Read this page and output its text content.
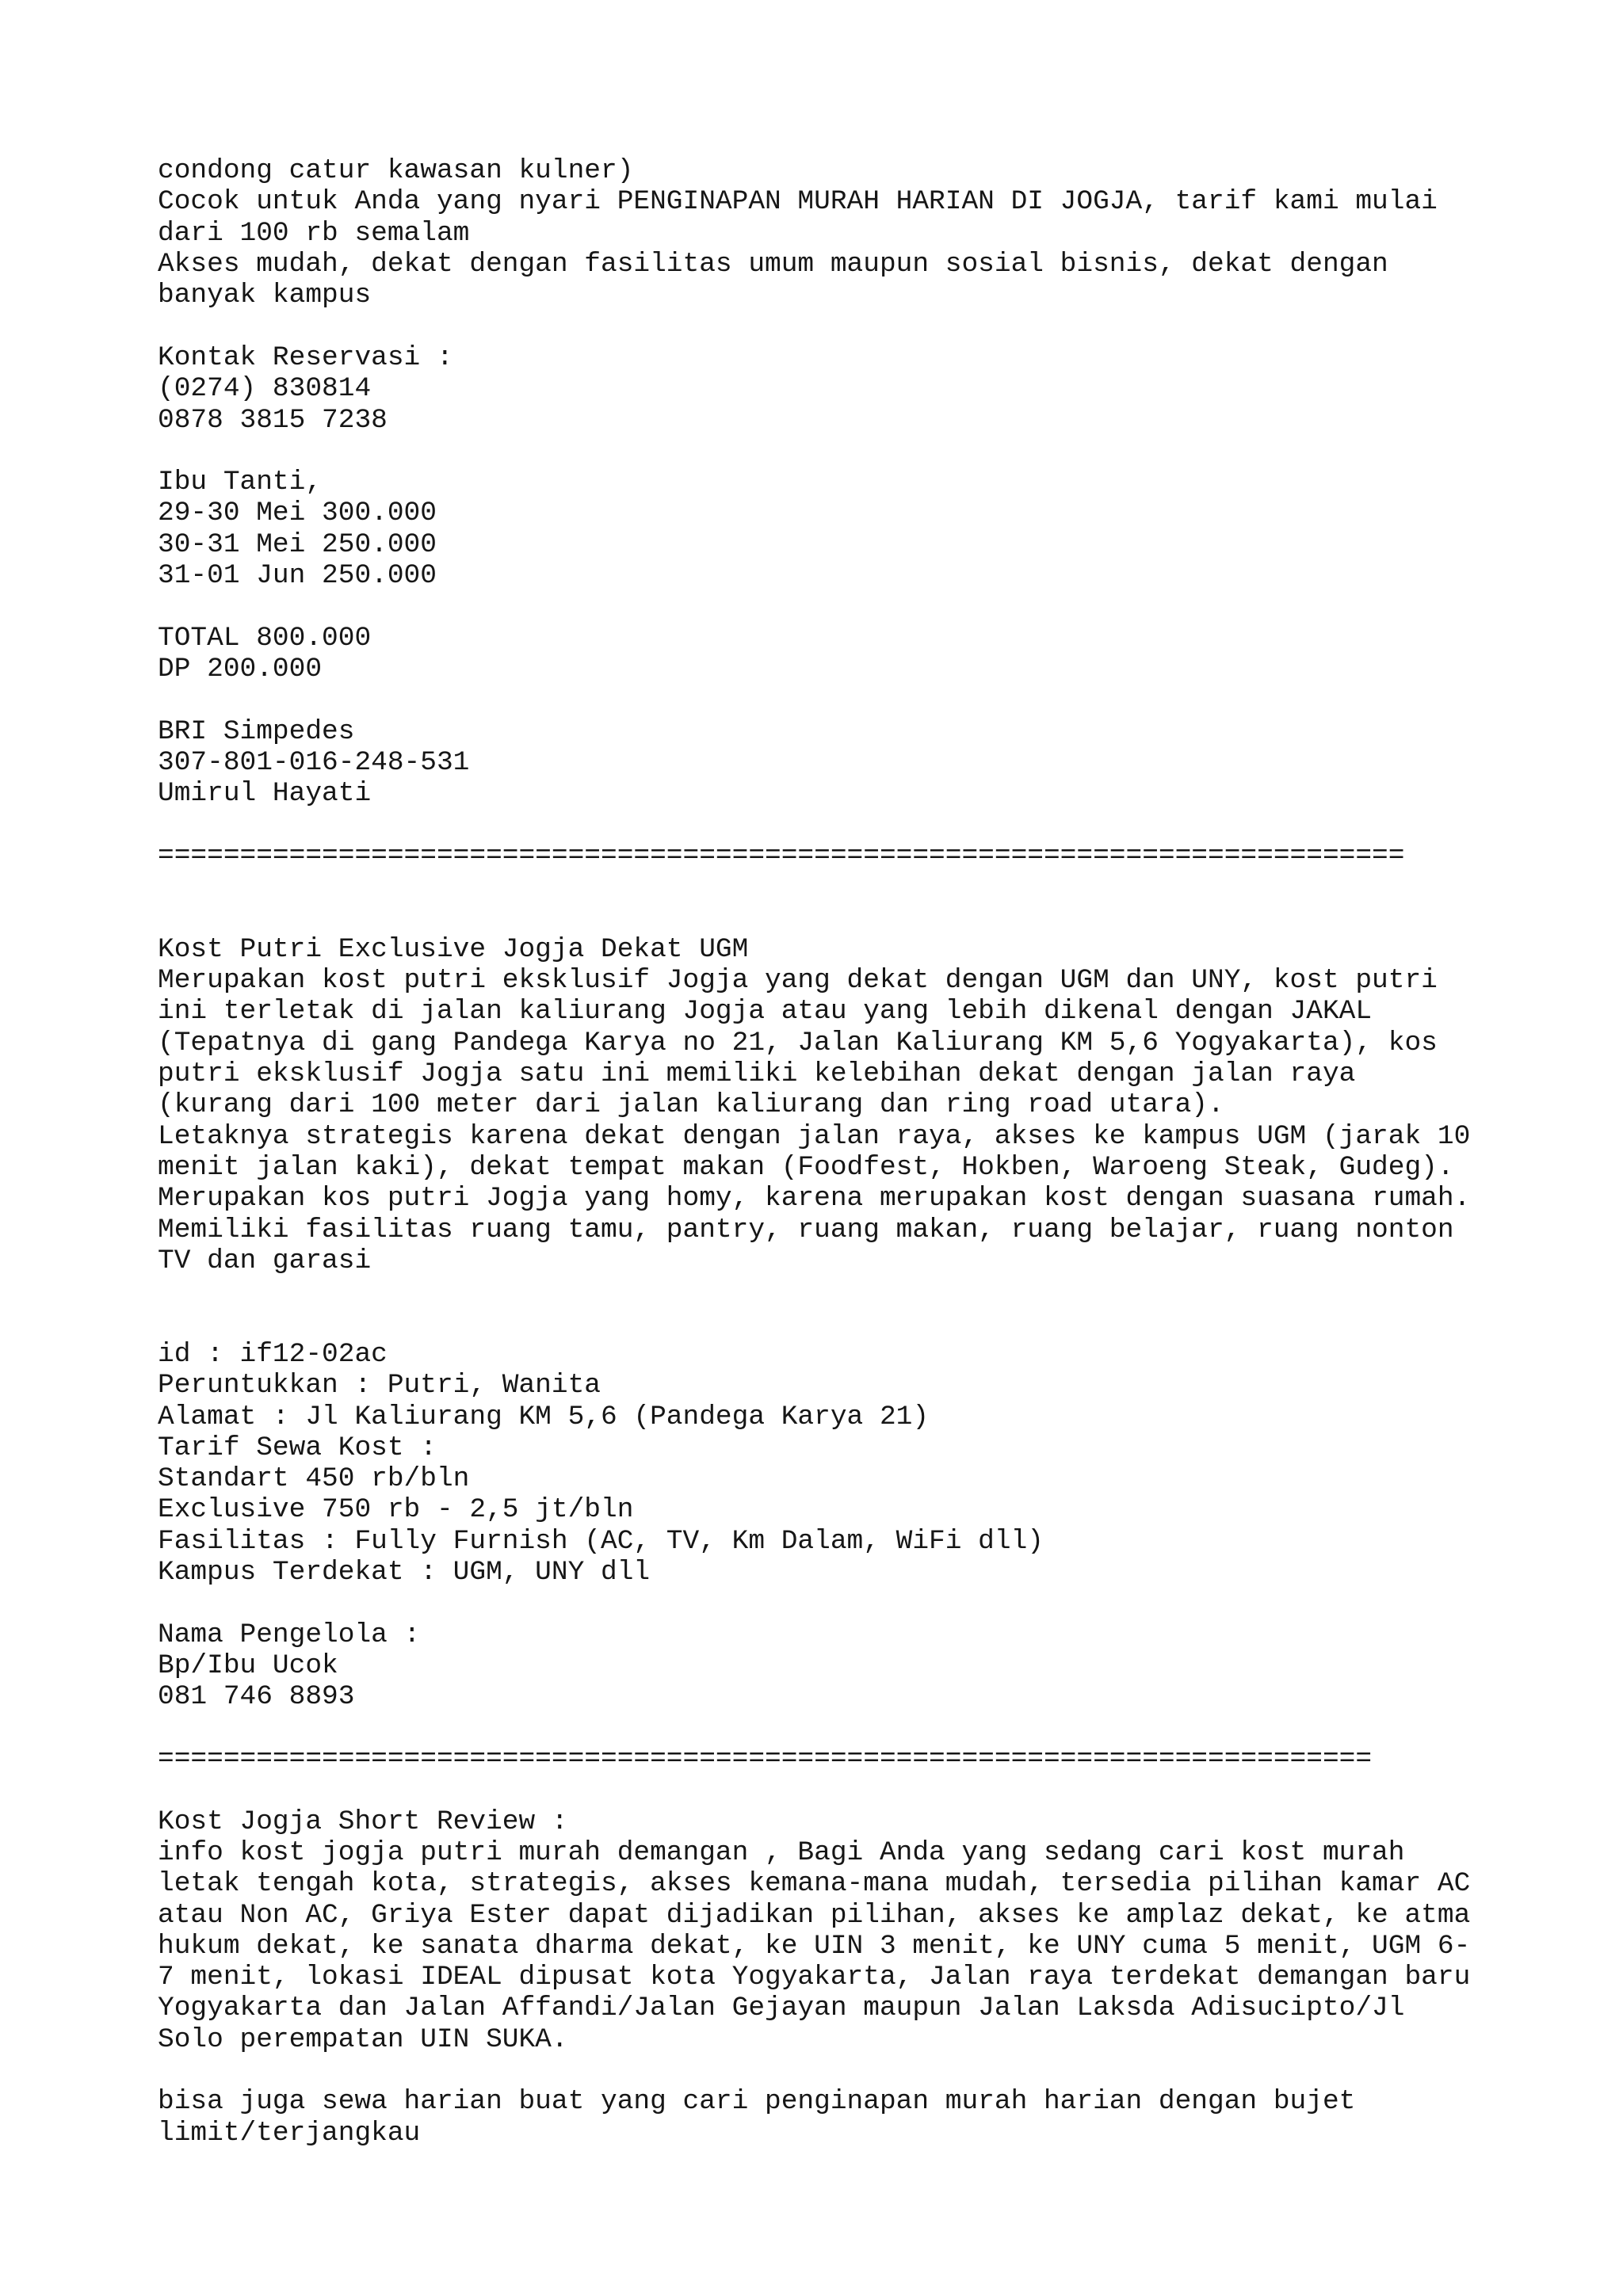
condong catur kawasan kulner)
Cocok untuk Anda yang nyari PENGINAPAN MURAH HARIAN DI JOGJA, tarif kami mulai
dari 100 rb semalam
Akses mudah, dekat dengan fasilitas umum maupun sosial bisnis, dekat dengan
banyak kampus
Kontak Reservasi :
(0274) 830814
0878 3815 7238
Ibu Tanti,
29-30 Mei 300.000
30-31 Mei 250.000
31-01 Jun 250.000
TOTAL 800.000
DP 200.000
BRI Simpedes
307-801-016-248-531
Umirul Hayati
============================================================================
Kost Putri Exclusive Jogja Dekat UGM
Merupakan kost putri eksklusif Jogja yang dekat dengan UGM dan UNY, kost putri
ini terletak di jalan kaliurang Jogja atau yang lebih dikenal dengan JAKAL
(Tepatnya di gang Pandega Karya no 21, Jalan Kaliurang KM 5,6 Yogyakarta), kos
putri eksklusif Jogja satu ini memiliki kelebihan dekat dengan jalan raya
(kurang dari 100 meter dari jalan kaliurang dan ring road utara).
Letaknya strategis karena dekat dengan jalan raya, akses ke kampus UGM (jarak 10
menit jalan kaki), dekat tempat makan (Foodfest, Hokben, Waroeng Steak, Gudeg).
Merupakan kos putri Jogja yang homy, karena merupakan kost dengan suasana rumah.
Memiliki fasilitas ruang tamu, pantry, ruang makan, ruang belajar, ruang nonton
TV dan garasi
id : if12-02ac
Peruntukkan : Putri, Wanita
Alamat : Jl Kaliurang KM 5,6 (Pandega Karya 21)
Tarif Sewa Kost :
Standart 450 rb/bln
Exclusive 750 rb - 2,5 jt/bln
Fasilitas : Fully Furnish (AC, TV, Km Dalam, WiFi dll)
Kampus Terdekat : UGM, UNY dll
Nama Pengelola :
Bp/Ibu Ucok
081 746 8893
==========================================================================
Kost Jogja Short Review :
info kost jogja putri murah demangan , Bagi Anda yang sedang cari kost murah
letak tengah kota, strategis, akses kemana-mana mudah, tersedia pilihan kamar AC
atau Non AC, Griya Ester dapat dijadikan pilihan, akses ke amplaz dekat, ke atma
hukum dekat, ke sanata dharma dekat, ke UIN 3 menit, ke UNY cuma 5 menit, UGM 6-
7 menit, lokasi IDEAL dipusat kota Yogyakarta, Jalan raya terdekat demangan baru
Yogyakarta dan Jalan Affandi/Jalan Gejayan maupun Jalan Laksda Adisucipto/Jl
Solo perempatan UIN SUKA.
bisa juga sewa harian buat yang cari penginapan murah harian dengan bujet
limit/terjangkau
